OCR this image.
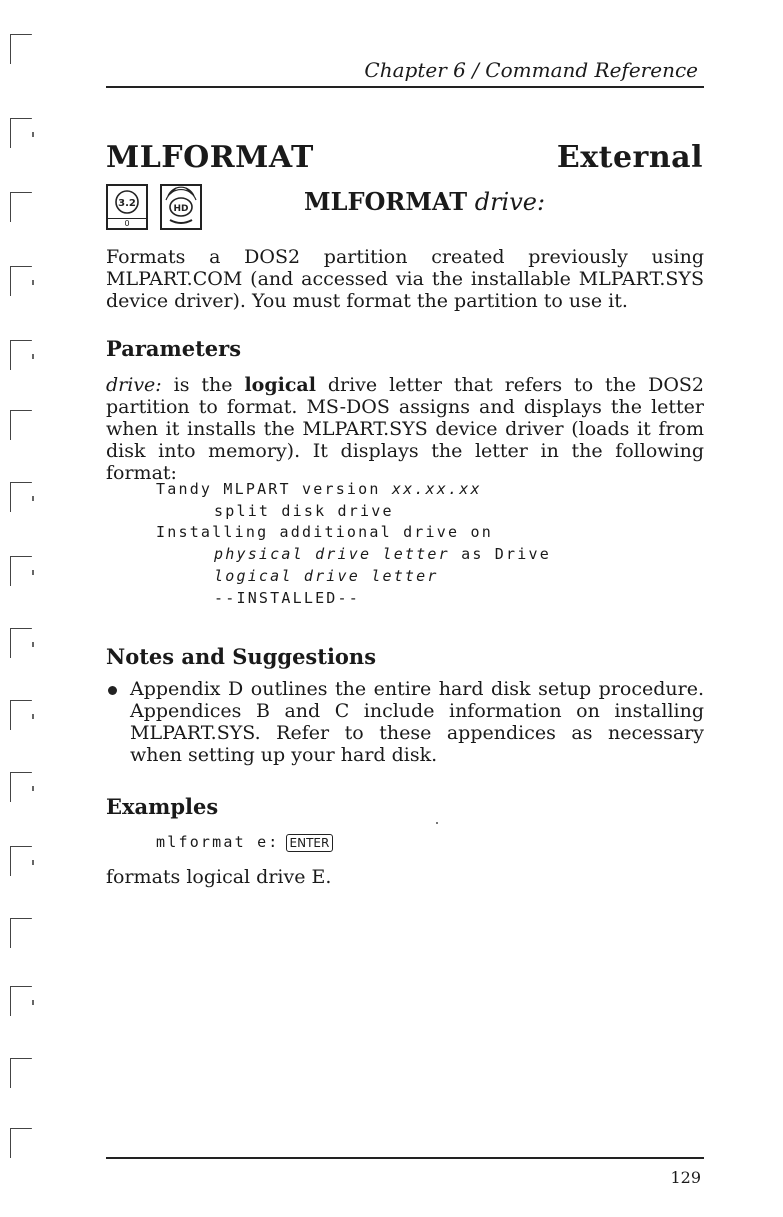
Chapter 6 / Command Reference
MLFORMAT	External
3.2
0
HD	MLFORMAT drive:
Formats a DOS2 partition created previously using MLPART.COM (and accessed via the installable MLPART.SYS device driver). You must format the partition to use it.
Parameters
drive: is the logical drive letter that refers to the DOS2 partition to format. MS-DOS assigns and displays the letter when it installs the MLPART.SYS device driver (loads it from disk into memory). It displays the letter in the following format:
Tandy MLPART version xx.xx.xx
split disk drive
Installing additional drive on
physical drive letter as Drive
logical drive letter
--INSTALLED--
Notes and Suggestions
Appendix D outlines the entire hard disk setup procedure. Appendices B and C include information on installing MLPART.SYS. Refer to these appendices as necessary when setting up your hard disk.
Examples
mlformat e: ENTER
formats logical drive E.
129
